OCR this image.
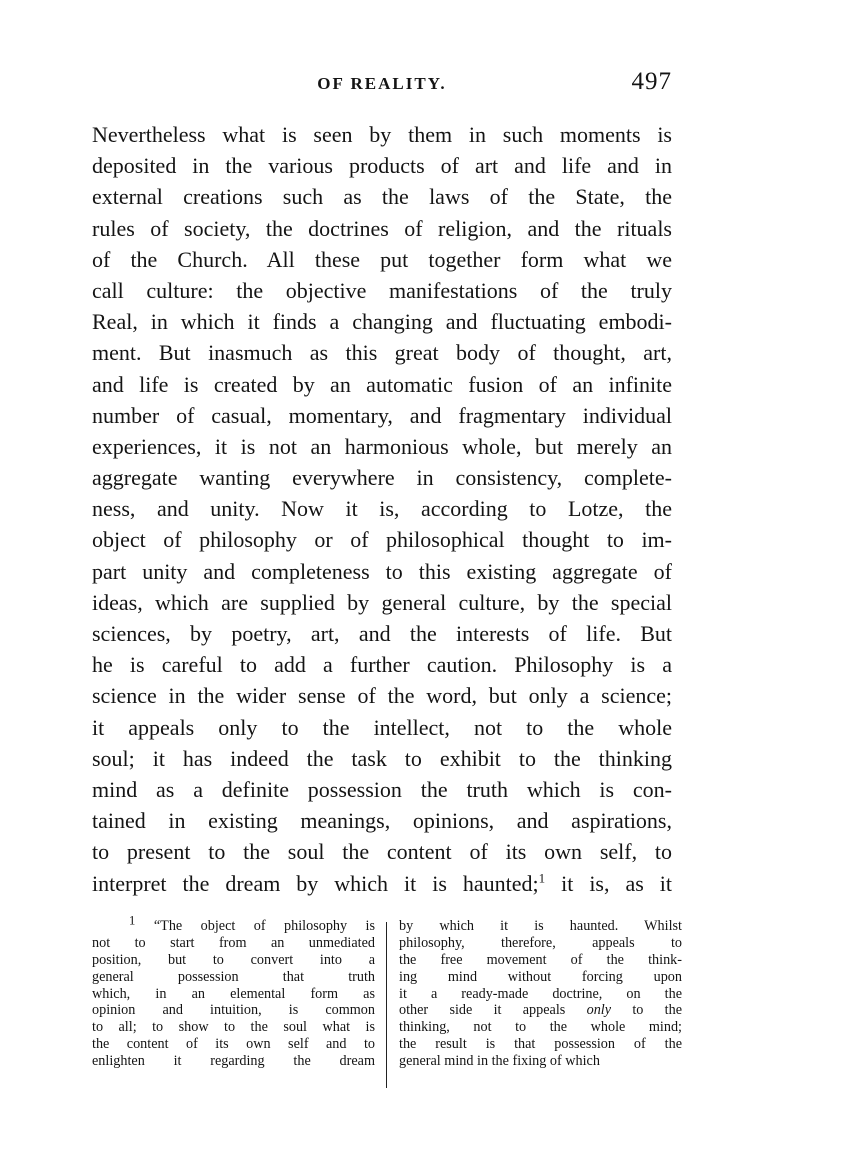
OF REALITY.	497
Nevertheless what is seen by them in such moments is
deposited in the various products of art and life and in
external creations such as the laws of the State, the
rules of society, the doctrines of religion, and the rituals
of the Church. All these put together form what we
call culture: the objective manifestations of the truly
Real, in which it finds a changing and fluctuating embodi-
ment. But inasmuch as this great body of thought, art,
and life is created by an automatic fusion of an infinite
number of casual, momentary, and fragmentary individual
experiences, it is not an harmonious whole, but merely an
aggregate wanting everywhere in consistency, complete-
ness, and unity. Now it is, according to Lotze, the
object of philosophy or of philosophical thought to im-
part unity and completeness to this existing aggregate of
ideas, which are supplied by general culture, by the special
sciences, by poetry, art, and the interests of life. But
he is careful to add a further caution. Philosophy is a
science in the wider sense of the word, but only a science;
it appeals only to the intellect, not to the whole
soul; it has indeed the task to exhibit to the thinking
mind as a definite possession the truth which is con-
tained in existing meanings, opinions, and aspirations,
to present to the soul the content of its own self, to
interpret the dream by which it is haunted;$^1$ it is, as it
$^1$ “The object of philosophy is
not to start from an unmediated
position, but to convert into a
general possession that truth
which, in an elemental form as
opinion and intuition, is common
to all; to show to the soul what is
the content of its own self and to
enlighten it regarding the dream
by which it is haunted. Whilst
philosophy, therefore, appeals to
the free movement of the think-
ing mind without forcing upon
it a ready-made doctrine, on the
other side it appeals only to the
thinking, not to the whole mind;
the result is that possession of the
general mind in the fixing of which
